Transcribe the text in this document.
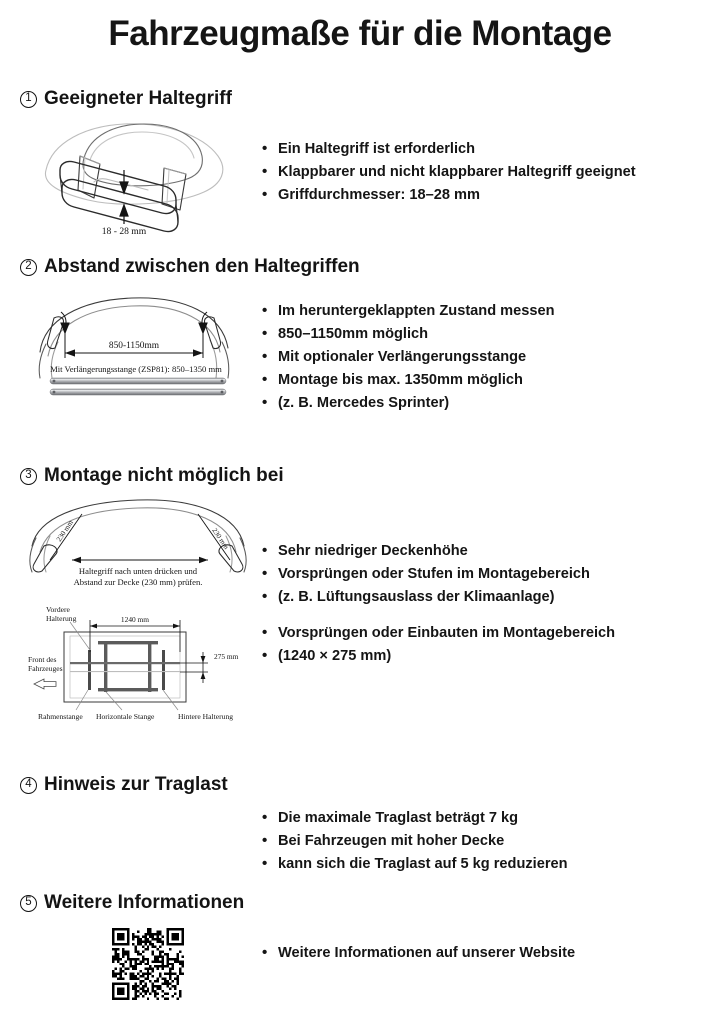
Fahrzeugmaße für die Montage
1 Geeigneter Haltegriff
18 - 28 mm
•
Ein Haltegriff ist erforderlich
•
Klappbarer und nicht klappbarer Haltegriff geeignet
•
Griffdurchmesser: 18–28 mm
2 Abstand zwischen den Haltegriffen
850-1150mm
Mit Verlängerungsstange (ZSP81): 850–1350 mm
•
Im heruntergeklappten Zustand messen
•
850–1150mm möglich
•
Mit optionaler Verlängerungsstange
•
Montage bis max. 1350mm möglich
•
(z. B. Mercedes Sprinter)
3 Montage nicht möglich bei
230 mm	230 mm
Haltegriff nach unten drücken und
Abstand zur Decke (230 mm) prüfen.
1240 mm
275 mm
Vordere
Halterung
Front des
Fahrzeuges
Rahmenstange Horizontale Stange	Hintere Halterung
•
Sehr niedriger Deckenhöhe
•
Vorsprüngen oder Stufen im Montagebereich
•
(z. B. Lüftungsauslass der Klimaanlage)
•
Vorsprüngen oder Einbauten im Montagebereich
•
(1240 × 275 mm)
4 Hinweis zur Traglast
•
Die maximale Traglast beträgt 7 kg
•
Bei Fahrzeugen mit hoher Decke
•
kann sich die Traglast auf 5 kg reduzieren
5 Weitere Informationen
•
Weitere Informationen auf unserer Website
